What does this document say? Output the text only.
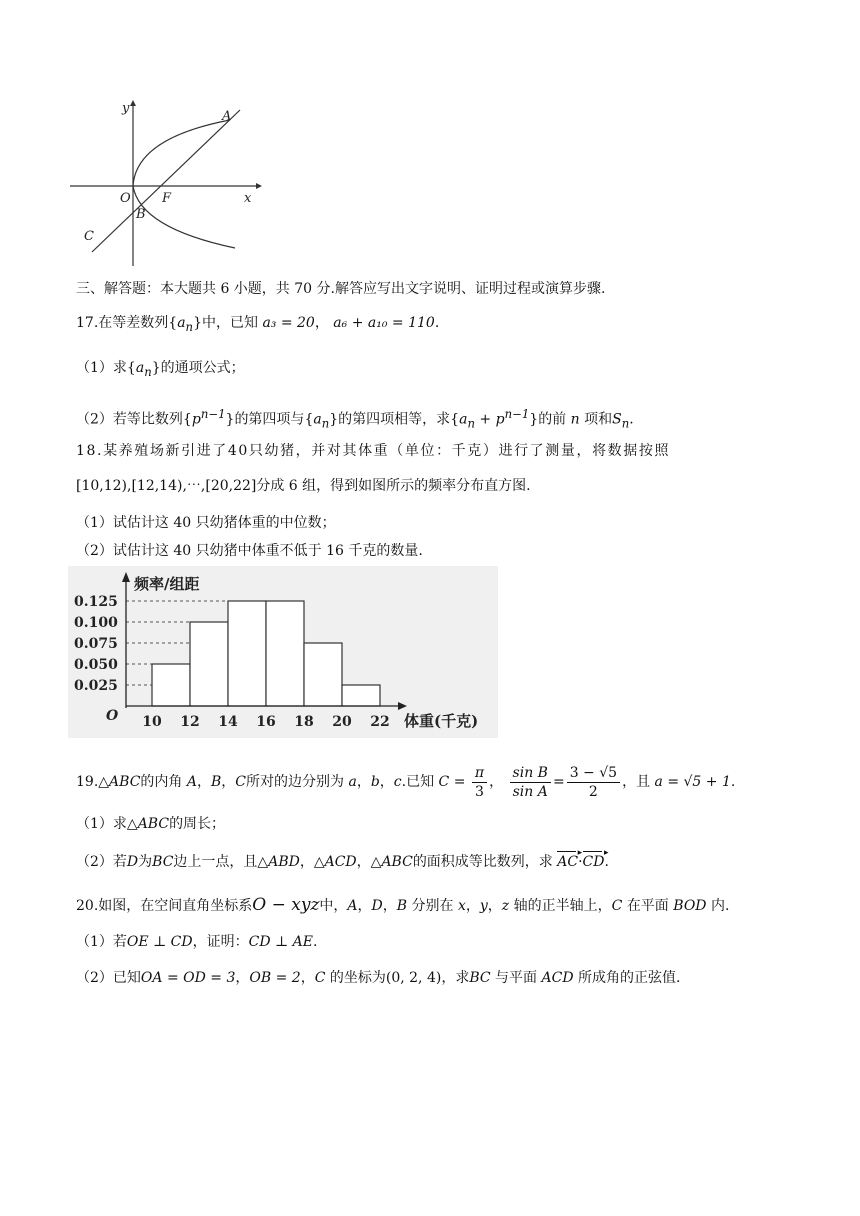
y
x
A
O F
B
C
三、解答题：本大题共 6 小题，共 70 分.解答应写出文字说明、证明过程或演算步骤.
17.在等差数列$\{a_n\}$中，已知 a₃ = 20， a₆ + a₁₀ = 110.
（1）求$\{a_n\}$的通项公式；
（2）若等比数列$\{p^{n-1}\}$的第四项与$\{a_n\}$的第四项相等，求$\{a_n + p^{n-1}\}$的前 n 项和$S_n$.
18.某养殖场新引进了40只幼猪，并对其体重（单位：千克）进行了测量，将数据按照
[10,12),[12,14),⋯,[20,22]分成 6 组，得到如图所示的频率分布直方图.
（1）试估计这 40 只幼猪体重的中位数；
（2）试估计这 40 只幼猪中体重不低于 16 千克的数量.
频率/组距
体重(千克)
O
0.025
0.050
0.075
0.100
0.125
10 12 14 16 18 20 22
19.△ABC的内角 A，B，C所对的边分别为 a，b，c.已知 $C = \frac{\pi}{3}$ ， $\frac{\text{sin B}}{\text{sin A}} = \frac{3 - √5}{2}$ ，且 a = √5 + 1.
（1）求△ABC的周长；
（2）若D为BC边上一点，且△ABD，△ACD，△ABC的面积成等比数列，求 AC ▸·CD ▸.
20.如图，在空间直角坐标系O − xyz中，A，D，B 分别在 x，y，z 轴的正半轴上，C 在平面 BOD 内.
（1）若OE ⊥ CD，证明：CD ⊥ AE.
（2）已知OA = OD = 3，OB = 2，C 的坐标为(0, 2, 4)，求BC 与平面 ACD 所成角的正弦值.
